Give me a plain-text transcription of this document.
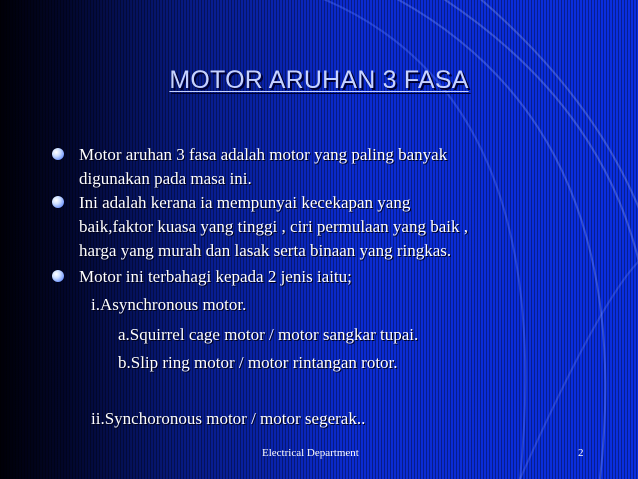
MOTOR ARUHAN 3 FASA
Motor aruhan 3 fasa adalah motor yang paling banyak
digunakan pada masa ini.
Ini adalah kerana ia mempunyai kecekapan yang
baik,faktor kuasa yang tinggi , ciri permulaan yang baik ,
harga yang murah dan lasak serta binaan yang ringkas.
Motor ini terbahagi kepada 2 jenis iaitu;
i.Asynchronous motor.
a.Squirrel cage motor / motor sangkar tupai.
b.Slip ring motor / motor rintangan rotor.
ii.Synchoronous motor / motor segerak..
Electrical Department	2
